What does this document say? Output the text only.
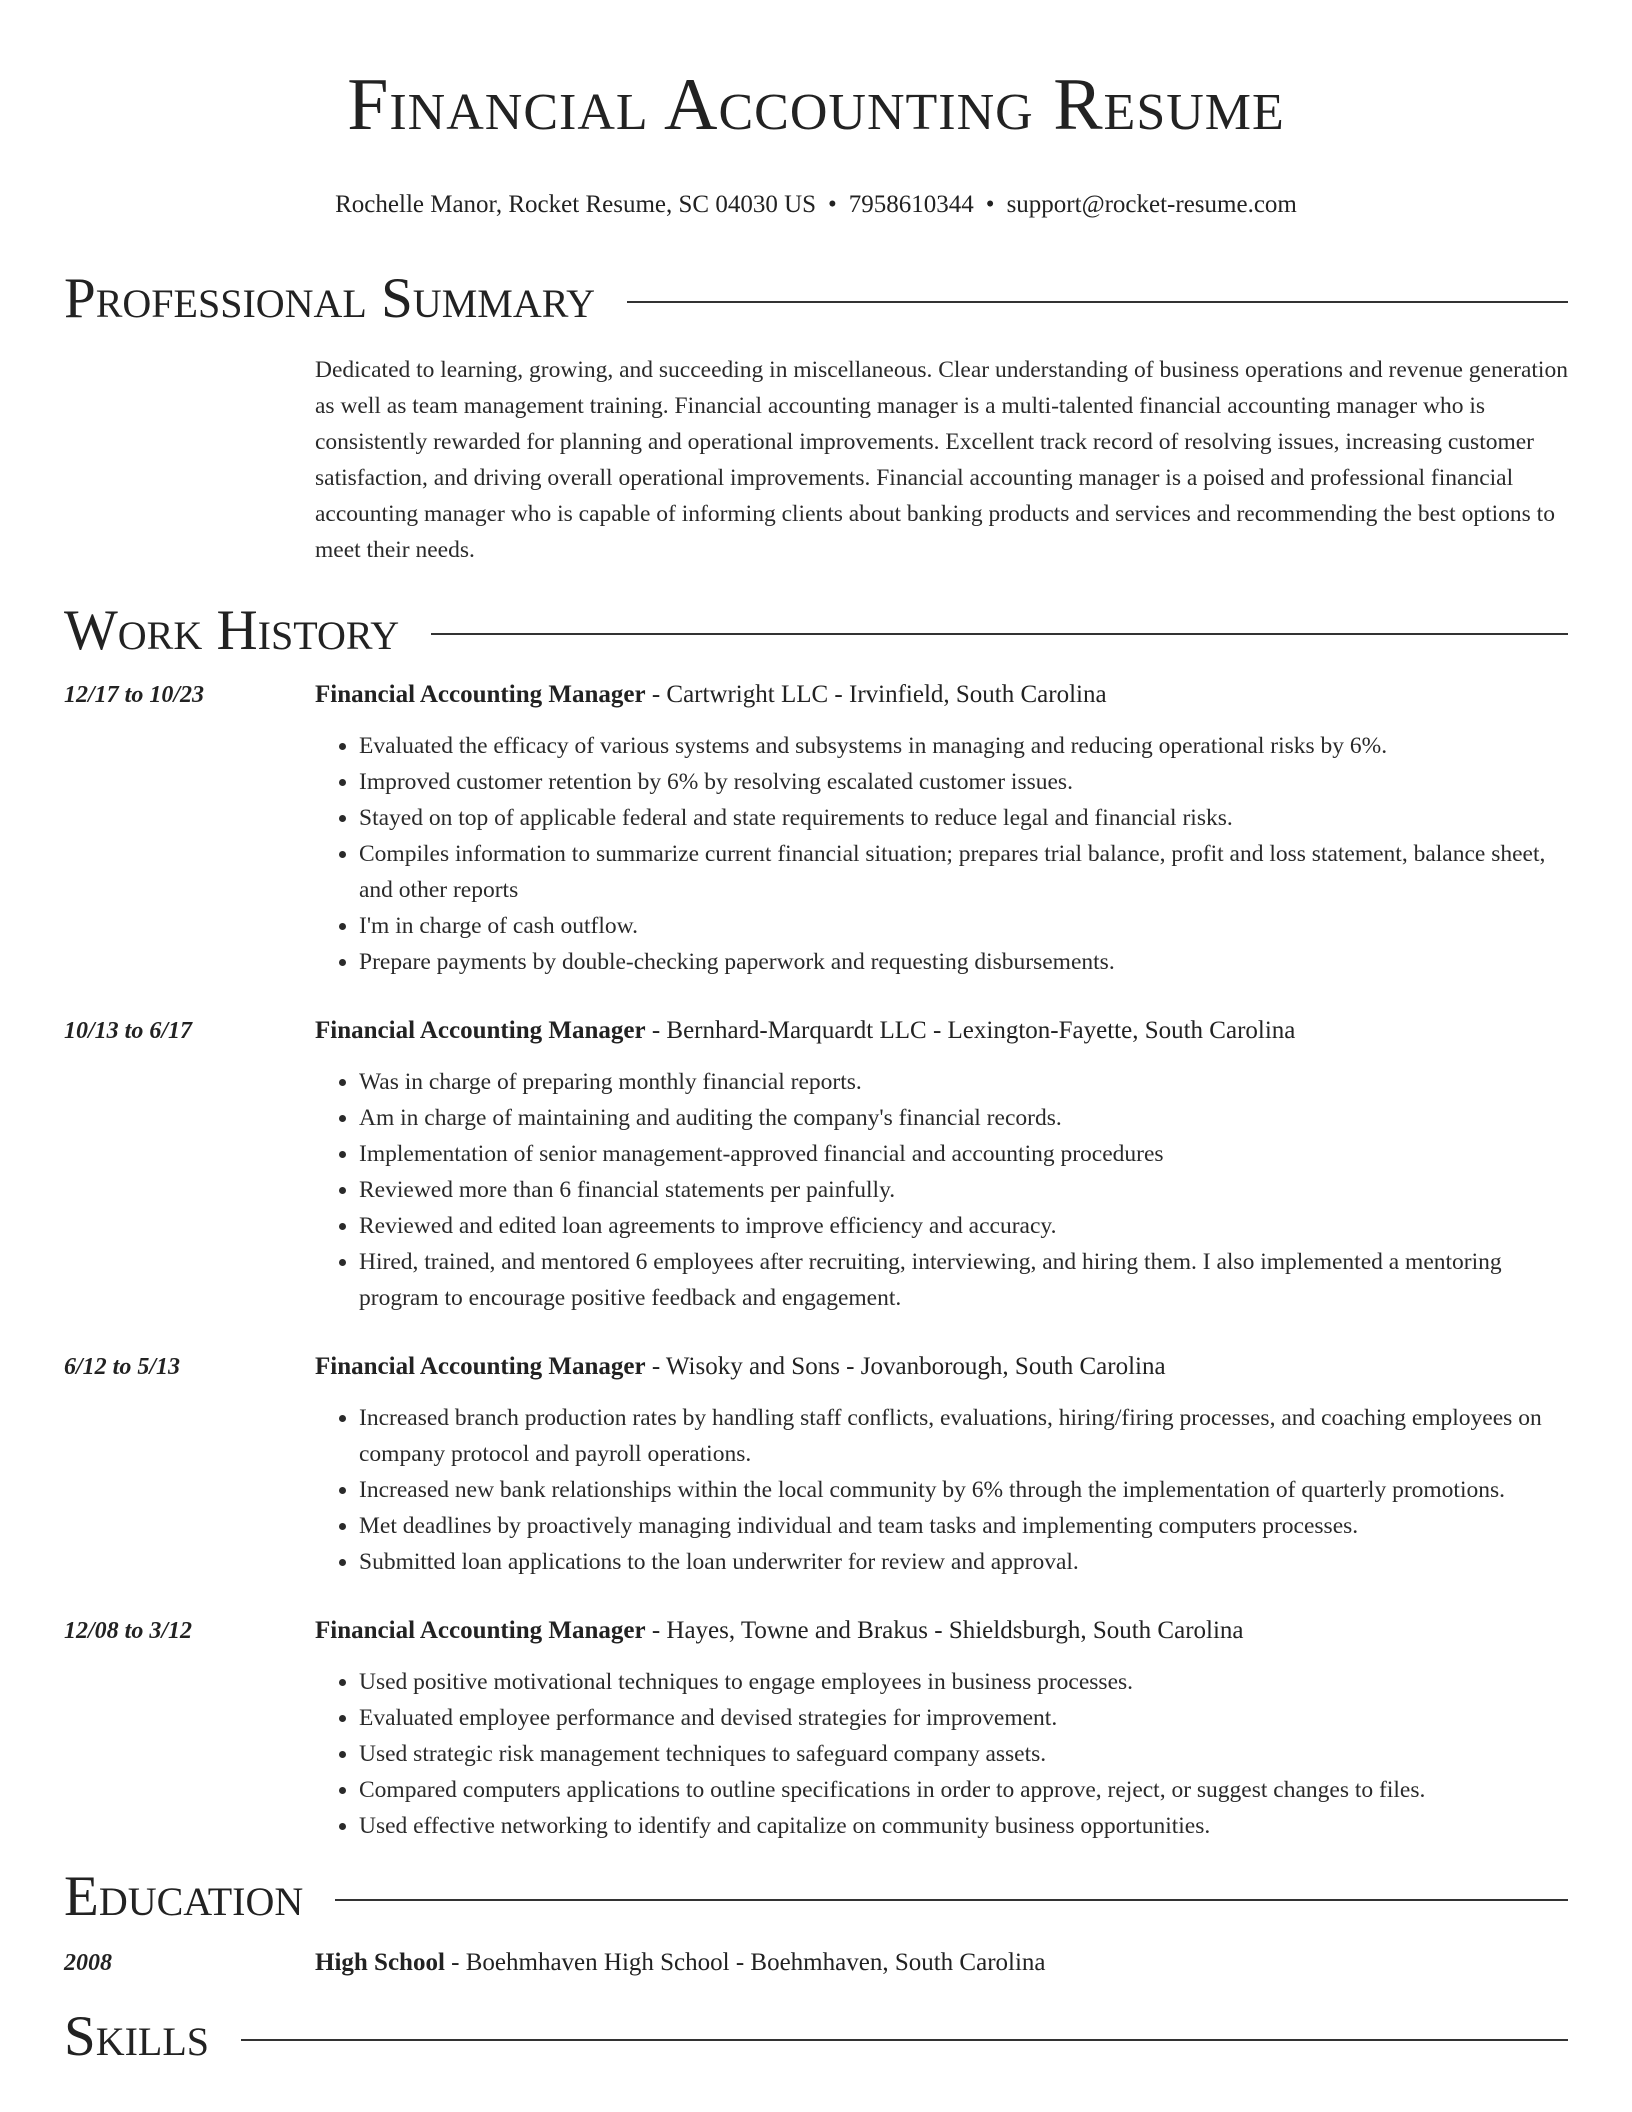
Financial Accounting Resume
Rochelle Manor, Rocket Resume, SC 04030 US • 7958610344 • support@rocket-resume.com
Professional Summary

Dedicated to learning, growing, and succeeding in miscellaneous. Clear understanding of business operations and revenue generation as well as team management training. Financial accounting manager is a multi-talented financial accounting manager who is consistently rewarded for planning and operational improvements. Excellent track record of resolving issues, increasing customer satisfaction, and driving overall operational improvements. Financial accounting manager is a poised and professional financial accounting manager who is capable of informing clients about banking products and services and recommending the best options to meet their needs.

Work History
12/17 to 10/23	Financial Accounting Manager - Cartwright LLC - Irvinfield, South Carolina
• Evaluated the efficacy of various systems and subsystems in managing and reducing operational risks by 6%.
• Improved customer retention by 6% by resolving escalated customer issues.
• Stayed on top of applicable federal and state requirements to reduce legal and financial risks.
• Compiles information to summarize current financial situation; prepares trial balance, profit and loss statement, balance sheet, and other reports
• I'm in charge of cash outflow.
• Prepare payments by double-checking paperwork and requesting disbursements.
10/13 to 6/17	Financial Accounting Manager - Bernhard-Marquardt LLC - Lexington-Fayette, South Carolina
• Was in charge of preparing monthly financial reports.
• Am in charge of maintaining and auditing the company's financial records.
• Implementation of senior management-approved financial and accounting procedures
• Reviewed more than 6 financial statements per painfully.
• Reviewed and edited loan agreements to improve efficiency and accuracy.
• Hired, trained, and mentored 6 employees after recruiting, interviewing, and hiring them. I also implemented a mentoring program to encourage positive feedback and engagement.
6/12 to 5/13	Financial Accounting Manager - Wisoky and Sons - Jovanborough, South Carolina
• Increased branch production rates by handling staff conflicts, evaluations, hiring/firing processes, and coaching employees on company protocol and payroll operations.
• Increased new bank relationships within the local community by 6% through the implementation of quarterly promotions.
• Met deadlines by proactively managing individual and team tasks and implementing computers processes.
• Submitted loan applications to the loan underwriter for review and approval.
12/08 to 3/12	Financial Accounting Manager - Hayes, Towne and Brakus - Shieldsburgh, South Carolina
• Used positive motivational techniques to engage employees in business processes.
• Evaluated employee performance and devised strategies for improvement.
• Used strategic risk management techniques to safeguard company assets.
• Compared computers applications to outline specifications in order to approve, reject, or suggest changes to files.
• Used effective networking to identify and capitalize on community business opportunities.
Education
2008	High School - Boehmhaven High School - Boehmhaven, South Carolina
Skills
